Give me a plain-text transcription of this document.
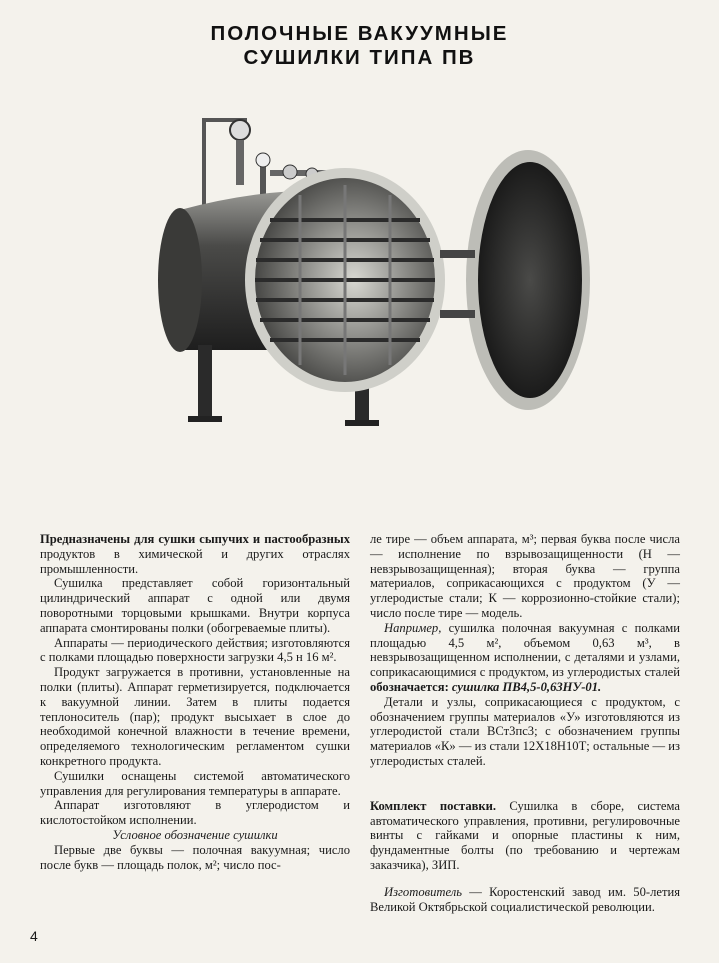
ПОЛОЧНЫЕ ВАКУУМНЫЕ
СУШИЛКИ ТИПА ПВ

Предназначены для сушки сыпучих и пастообразных продуктов в химической и других отраслях промышленности.

Сушилка представляет собой горизонтальный цилиндрический аппарат с одной или двумя поворотными торцовыми крышками. Внутри корпуса аппарата смонтированы полки (обогреваемые плиты).

Аппараты — периодического действия; изготовляются с полками площадью поверхности загрузки 4,5 н 16 м².

Продукт загружается в противни, установленные на полки (плиты). Аппарат герметизируется, подключается к вакуумной линии. Затем в плиты подается теплоноситель (пар); продукт высыхает в слое до необходимой конечной влажности в течение времени, определяемого технологическим регламентом сушки конкретного продукта.

Сушилки оснащены системой автоматического управления для регулирования температуры в аппарате.

Аппарат изготовляют в углеродистом и кислотостойком исполнении.

Условное обозначение сушилки

Первые две буквы — полочная вакуумная; число после букв — площадь полок, м²; число пос-

ле тире — объем аппарата, м³; первая буква после числа — исполнение по взрывозащищенности (Н — невзрывозащищенная); вторая буква — группа материалов, соприкасающихся с продуктом (У — углеродистые стали; К — коррозионно-стойкие стали); число после тире — модель.

Например, сушилка полочная вакуумная с полками площадью 4,5 м², объемом 0,63 м³, в невзрывозащищенном исполнении, с деталями и узлами, соприкасающимися с продуктом, из углеродистых сталей обозначается: сушилка ПВ4,5-0,63НУ-01.

Детали и узлы, соприкасающиеся с продуктом, с обозначением группы материалов «У» изготовляются из углеродистой стали ВСт3пс3; с обозначением группы материалов «К» — из стали 12Х18Н10Т; остальные — из углеродистых сталей.

Комплект поставки. Сушилка в сборе, система автоматического управления, противни, регулировочные винты с гайками и опорные пластины к ним, фундаментные болты (по требованию и чертежам заказчика), ЗИП.

Изготовитель — Коростенский завод им. 50-летия Великой Октябрьской социалистической революции.

4
